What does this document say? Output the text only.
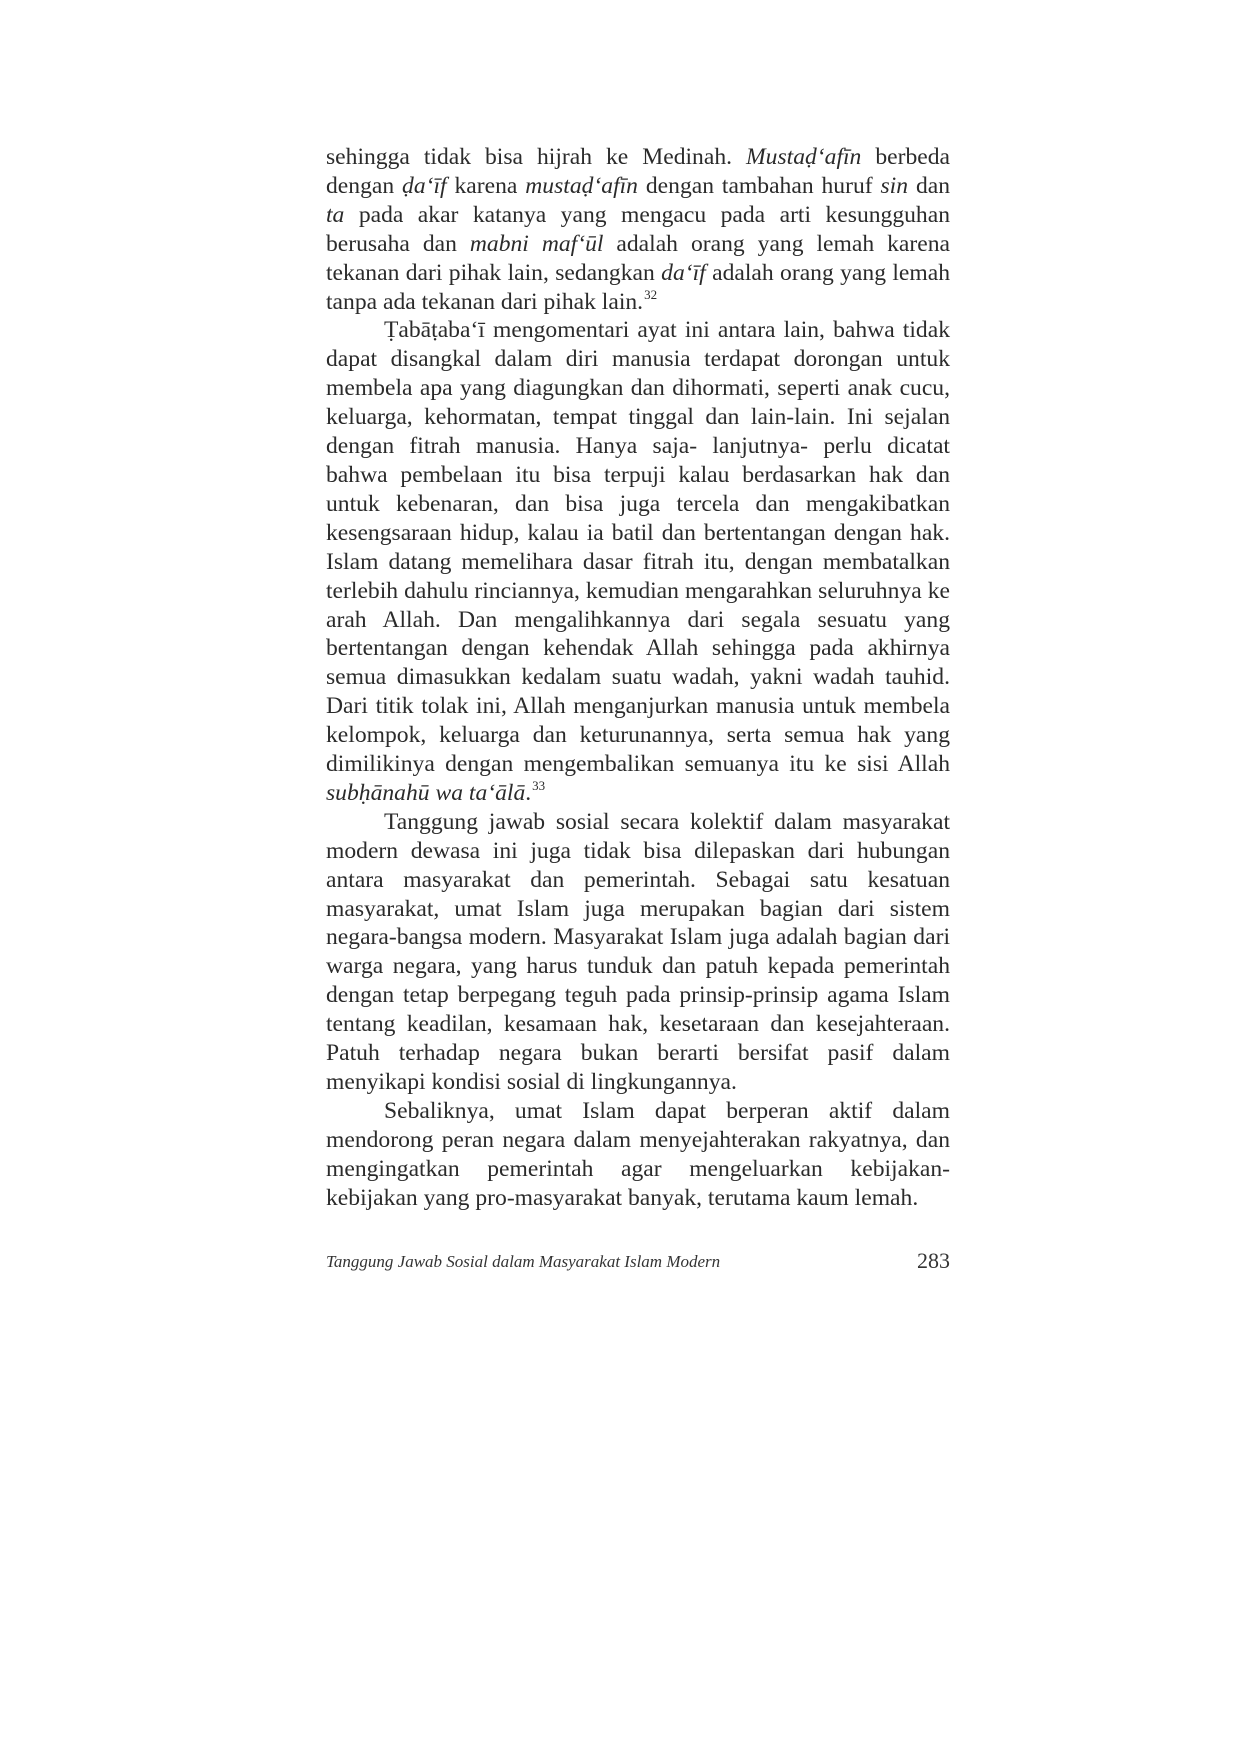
sehingga tidak bisa hijrah ke Medinah. Mustaḍ‘afīn berbeda dengan ḍa‘īf karena mustaḍ‘afīn dengan tambahan huruf sin dan ta pada akar katanya yang mengacu pada arti kesungguhan berusaha dan mabni maf‘ūl adalah orang yang lemah karena tekanan dari pihak lain, sedangkan da‘īf adalah orang yang lemah tanpa ada tekanan dari pihak lain.$^{32}$

Ṭabāṭaba‘ī mengomentari ayat ini antara lain, bahwa tidak dapat disangkal dalam diri manusia terdapat dorongan untuk membela apa yang diagungkan dan dihormati, seperti anak cucu, keluarga, kehormatan, tempat tinggal dan lain-lain. Ini sejalan dengan fitrah manusia. Hanya saja- lanjutnya- perlu dicatat bahwa pembelaan itu bisa terpuji kalau berdasarkan hak dan untuk kebenaran, dan bisa juga tercela dan mengakibatkan kesengsaraan hidup, kalau ia batil dan bertentangan dengan hak. Islam datang memelihara dasar fitrah itu, dengan membatalkan terlebih dahulu rinciannya, kemudian mengarahkan seluruhnya ke arah Allah. Dan mengalihkannya dari segala sesuatu yang bertentangan dengan kehendak Allah sehingga pada akhirnya semua dimasukkan kedalam suatu wadah, yakni wadah tauhid. Dari titik tolak ini, Allah menganjurkan manusia untuk membela kelompok, keluarga dan keturunannya, serta semua hak yang dimilikinya dengan mengembalikan semuanya itu ke sisi Allah subḥānahū wa ta‘ālā.$^{33}$

Tanggung jawab sosial secara kolektif dalam masyarakat modern dewasa ini juga tidak bisa dilepaskan dari hubungan antara masyarakat dan pemerintah. Sebagai satu kesatuan masyarakat, umat Islam juga merupakan bagian dari sistem negara-bangsa modern. Masyarakat Islam juga adalah bagian dari warga negara, yang harus tunduk dan patuh kepada pemerintah dengan tetap berpegang teguh pada prinsip-prinsip agama Islam tentang keadilan, kesamaan hak, kesetaraan dan kesejahteraan. Patuh terhadap negara bukan berarti bersifat pasif dalam menyikapi kondisi sosial di lingkungannya.

Sebaliknya, umat Islam dapat berperan aktif dalam mendorong peran negara dalam menyejahterakan rakyatnya, dan mengingatkan pemerintah agar mengeluarkan kebijakan-kebijakan yang pro-masyarakat banyak, terutama kaum lemah.

Tanggung Jawab Sosial dalam Masyarakat Islam Modern	283
